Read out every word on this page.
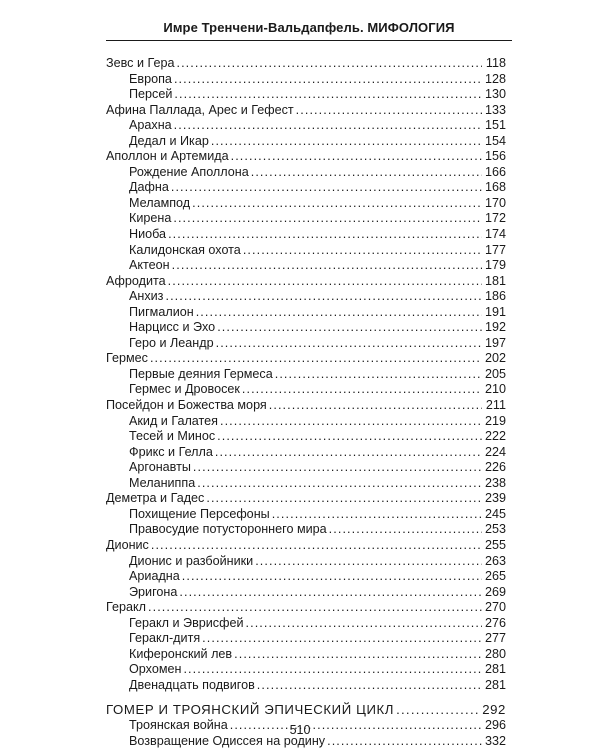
Имре Тренчени-Вальдапфель. МИФОЛОГИЯ
Зевс и Гера . . .	118
Европа . . .	128
Персей . . .	130
Афина Паллада, Арес и Гефест . . .	133
Арахна . . .	151
Дедал и Икар . . .	154
Аполлон и Артемида . . .	156
Рождение Аполлона . . .	166
Дафна . . .	168
Мелампод . . .	170
Кирена . . .	172
Ниоба . . .	174
Калидонская охота . . .	177
Актеон . . .	179
Афродита . . .	181
Анхиз . . .	186
Пигмалион . . .	191
Нарцисс и Эхо . . .	192
Геро и Леандр . . .	197
Гермес . . .	202
Первые деяния Гермеса . . .	205
Гермес и Дровосек . . .	210
Посейдон и Божества моря . . .	211
Акид и Галатея . . .	219
Тесей и Минос . . .	222
Фрикс и Гелла . . .	224
Аргонавты . . .	226
Меланиппа . . .	238
Деметра и Гадес . . .	239
Похищение Персефоны . . .	245
Правосудие потустороннего мира . . .	253
Дионис . . .	255
Дионис и разбойники . . .	263
Ариадна . . .	265
Эригона . . .	269
Геракл . . .	270
Геракл и Эврисфей . . .	276
Геракл-дитя . . .	277
Киферонский лев . . .	280
Орхомен . . .	281
Двенадцать подвигов . . .	281
ГОМЕР И ТРОЯНСКИЙ ЭПИЧЕСКИЙ ЦИКЛ . . .	292
Троянская война . . .	296
Возвращение Одиссея на родину . . .	332
510
